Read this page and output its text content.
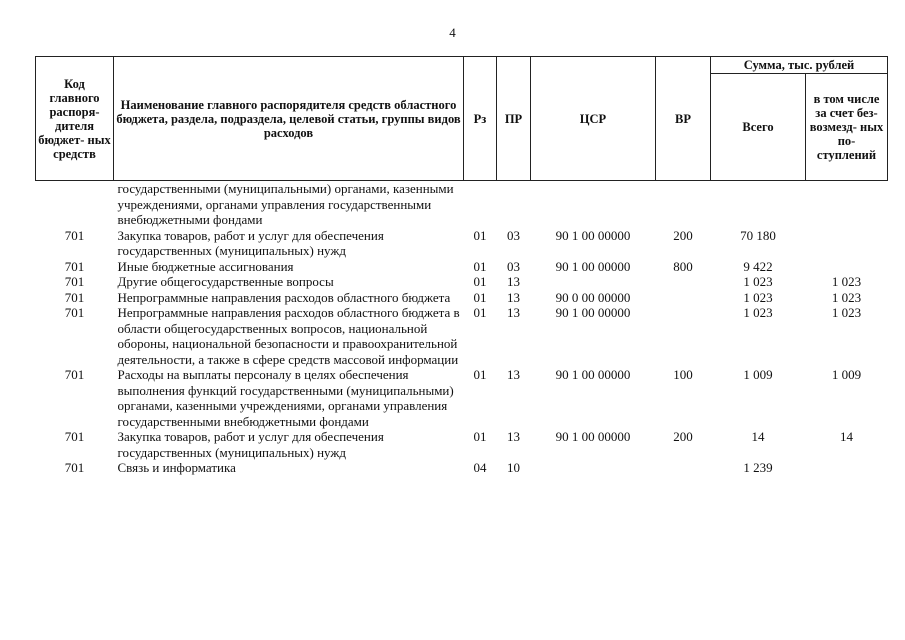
4
Код главного распоря- дителя бюджет- ных средств	Наименование главного распорядителя средств областного бюджета, раздела, подраздела, целевой статьи, группы видов расходов	Рз	ПР	ЦСР	ВР	Сумма, тыс. рублей	
						Всего	в том числе за счет без- возмезд- ных по- ступлений
	государственными (муниципальными) органами, казенными учреждениями, органами управления государственными внебюджетными фондами						
701	Закупка товаров, работ и услуг для обеспечения государственных (муниципальных) нужд	01	03	90 1 00 00000	200	70 180	
701	Иные бюджетные ассигнования	01	03	90 1 00 00000	800	9 422	
701	Другие общегосударственные вопросы	01	13			1 023	1 023
701	Непрограммные направления расходов областного бюджета	01	13	90 0 00 00000		1 023	1 023
701	Непрограммные направления расходов областного бюджета в области общегосударственных вопросов, национальной обороны, национальной безопасности и правоохранительной деятельности, а также в сфере средств массовой информации	01	13	90 1 00 00000		1 023	1 023
701	Расходы на выплаты персоналу в целях обеспечения выполнения функций государственными (муниципальными) органами, казенными учреждениями, органами управления государственными внебюджетными фондами	01	13	90 1 00 00000	100	1 009	1 009
701	Закупка товаров, работ и услуг для обеспечения государственных (муниципальных) нужд	01	13	90 1 00 00000	200	14	14
701	Связь и информатика	04	10			1 239	
